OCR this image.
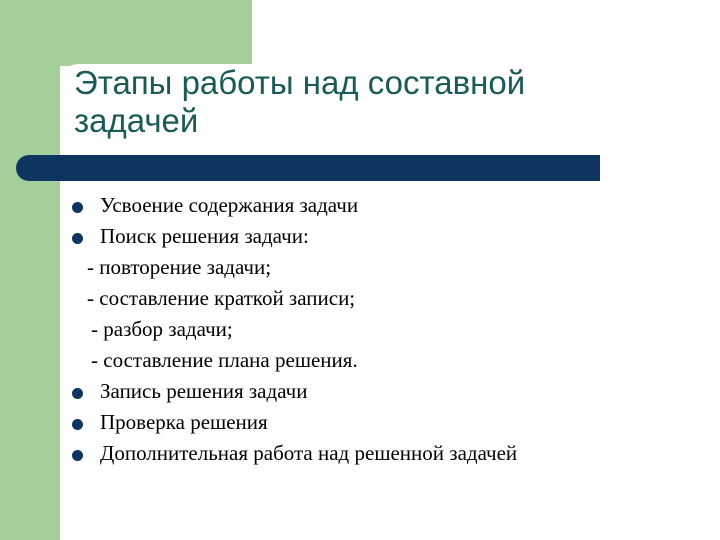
Этапы работы над составной
задачей
Усвоение содержания задачи
Поиск решения задачи:
- повторение задачи;
- составление краткой записи;
- разбор задачи;
- составление плана решения.
Запись решения задачи
Проверка решения
Дополнительная работа над решенной задачей
